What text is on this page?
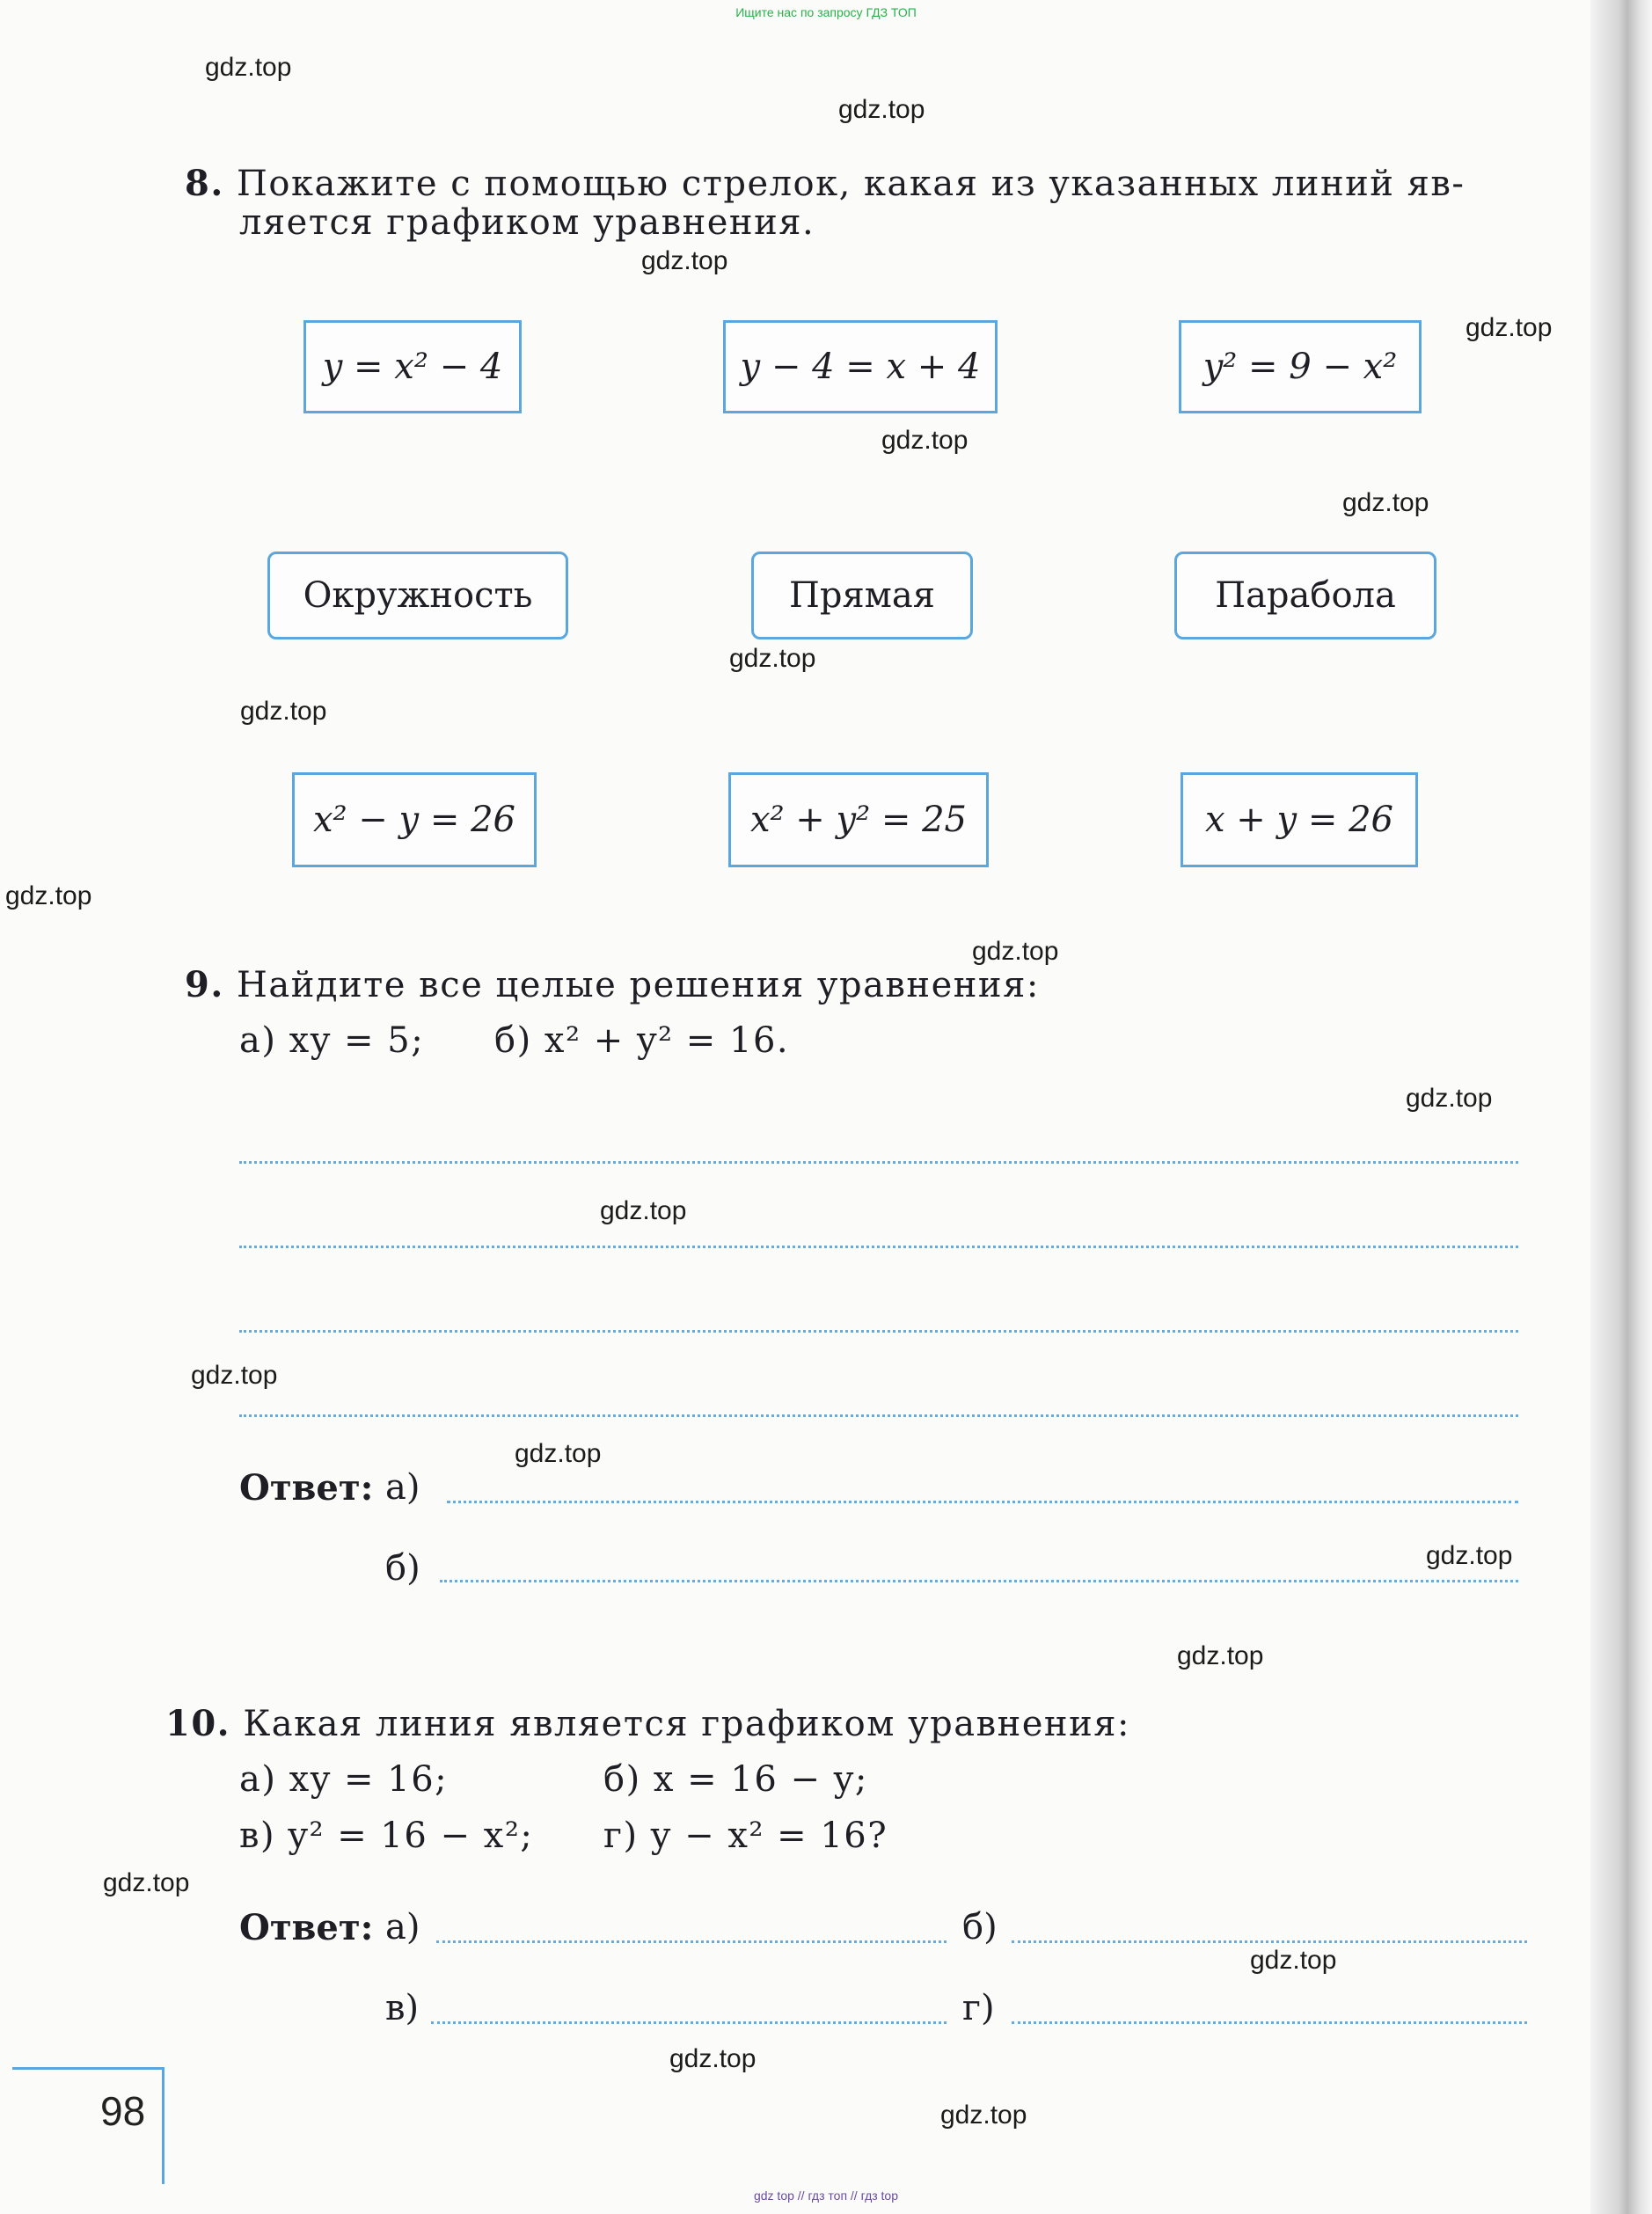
Ищите нас по запросу ГДЗ ТОП
8. Покажите с помощью стрелок, какая из указанных линий яв-
ляется графиком уравнения.
y = x² − 4	y − 4 = x + 4	y² = 9 − x²
Окружность	Прямая	Парабола
x² − y = 26	x² + y² = 25	x + y = 26
9. Найдите все целые решения уравнения:
а) xy = 5; б) x² + y² = 16.
Ответ: а)
б)
10. Какая линия является графиком уравнения:
а) xy = 16;	б) x = 16 − y;
в) y² = 16 − x²; г) y − x² = 16?
Ответ: а)	б)
в)	г)
98
gdz.top
gdz.top
gdz.top
gdz.top
gdz.top
gdz.top
gdz.top
gdz.top
gdz.top
gdz.top
gdz.top
gdz.top
gdz.top
gdz.top
gdz.top
gdz.top
gdz.top
gdz.top
gdz.top
gdz.top
gdz top // гдз топ // гдз top
